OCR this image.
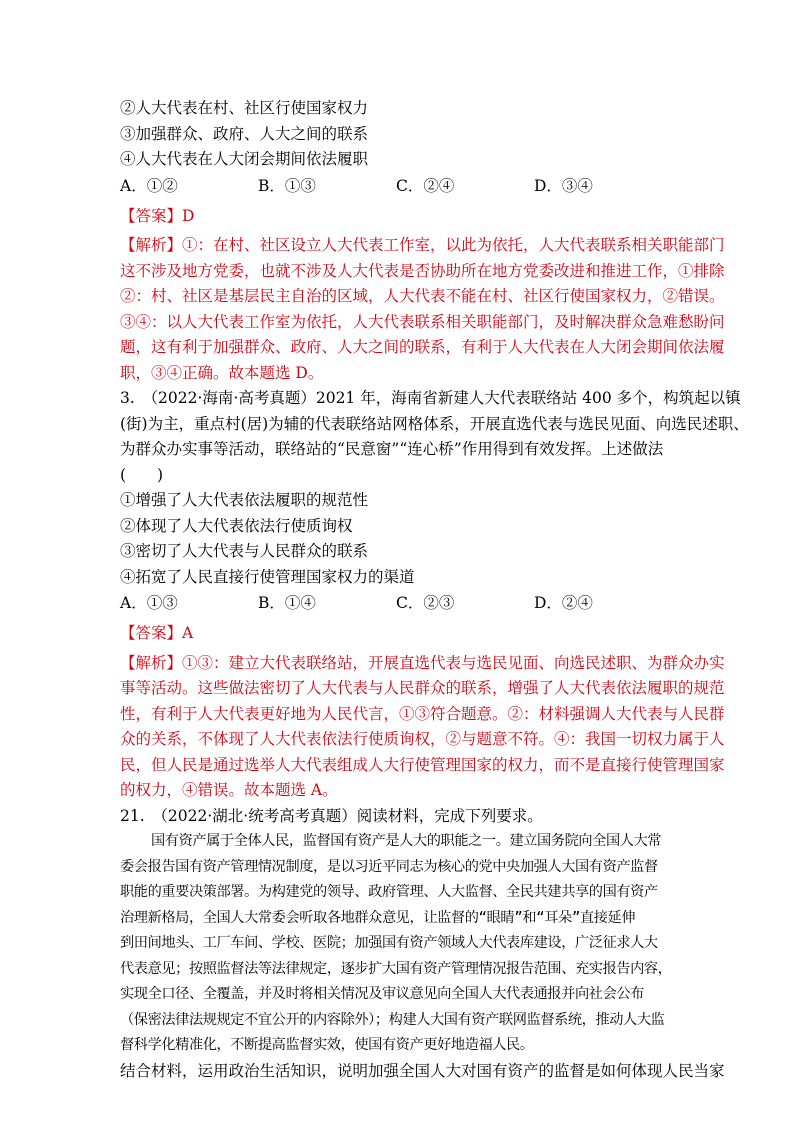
②人大代表在村、社区行使国家权力
③加强群众、政府、人大之间的联系
④人大代表在人大闭会期间依法履职
A．①②	B．①③	C．②④	D．③④
【答案】D
【解析】①：在村、社区设立人大代表工作室，以此为依托，人大代表联系相关职能部门
这不涉及地方党委，也就不涉及人大代表是否协助所在地方党委改进和推进工作，①排除
②：村、社区是基层民主自治的区域，人大代表不能在村、社区行使国家权力，②错误。
③④：以人大代表工作室为依托，人大代表联系相关职能部门，及时解决群众急难愁盼问
题，这有利于加强群众、政府、人大之间的联系，有利于人大代表在人大闭会期间依法履
职，③④正确。故本题选 D。
3.　（2022·海南·高考真题）2021 年，海南省新建人大代表联络站 400 多个，构筑起以镇
(街)为主，重点村(居)为辅的代表联络站网格体系，开展直选代表与选民见面、向选民述职、
为群众办实事等活动，联络站的“民意窗”“连心桥”作用得到有效发挥。上述做法
(　　)
①增强了人大代表依法履职的规范性
②体现了人大代表依法行使质询权
③密切了人大代表与人民群众的联系
④拓宽了人民直接行使管理国家权力的渠道
A．①③	B．①④	C．②③	D．②④
【答案】A
【解析】①③：建立大代表联络站，开展直选代表与选民见面、向选民述职、为群众办实
事等活动。这些做法密切了人大代表与人民群众的联系，增强了人大代表依法履职的规范
性，有利于人大代表更好地为人民代言，①③符合题意。②：材料强调人大代表与人民群
众的关系，不体现了人大代表依法行使质询权，②与题意不符。④：我国一切权力属于人
民，但人民是通过选举人大代表组成人大行使管理国家的权力，而不是直接行使管理国家
的权力，④错误。故本题选 A。
21.　（2022·湖北·统考高考真题）阅读材料，完成下列要求。
国有资产属于全体人民，监督国有资产是人大的职能之一。建立国务院向全国人大常
委会报告国有资产管理情况制度，是以习近平同志为核心的党中央加强人大国有资产监督
职能的重要决策部署。为构建党的领导、政府管理、人大监督、全民共建共享的国有资产
治理新格局，全国人大常委会听取各地群众意见，让监督的“眼睛”和“耳朵”直接延伸
到田间地头、工厂车间、学校、医院；加强国有资产领域人大代表库建设，广泛征求人大
代表意见；按照监督法等法律规定，逐步扩大国有资产管理情况报告范围、充实报告内容，
实现全口径、全覆盖，并及时将相关情况及审议意见向全国人大代表通报并向社会公布
（保密法律法规规定不宜公开的内容除外）；构建人大国有资产联网监督系统，推动人大监
督科学化精准化，不断提高监督实效，使国有资产更好地造福人民。
结合材料，运用政治生活知识，说明加强全国人大对国有资产的监督是如何体现人民当家
